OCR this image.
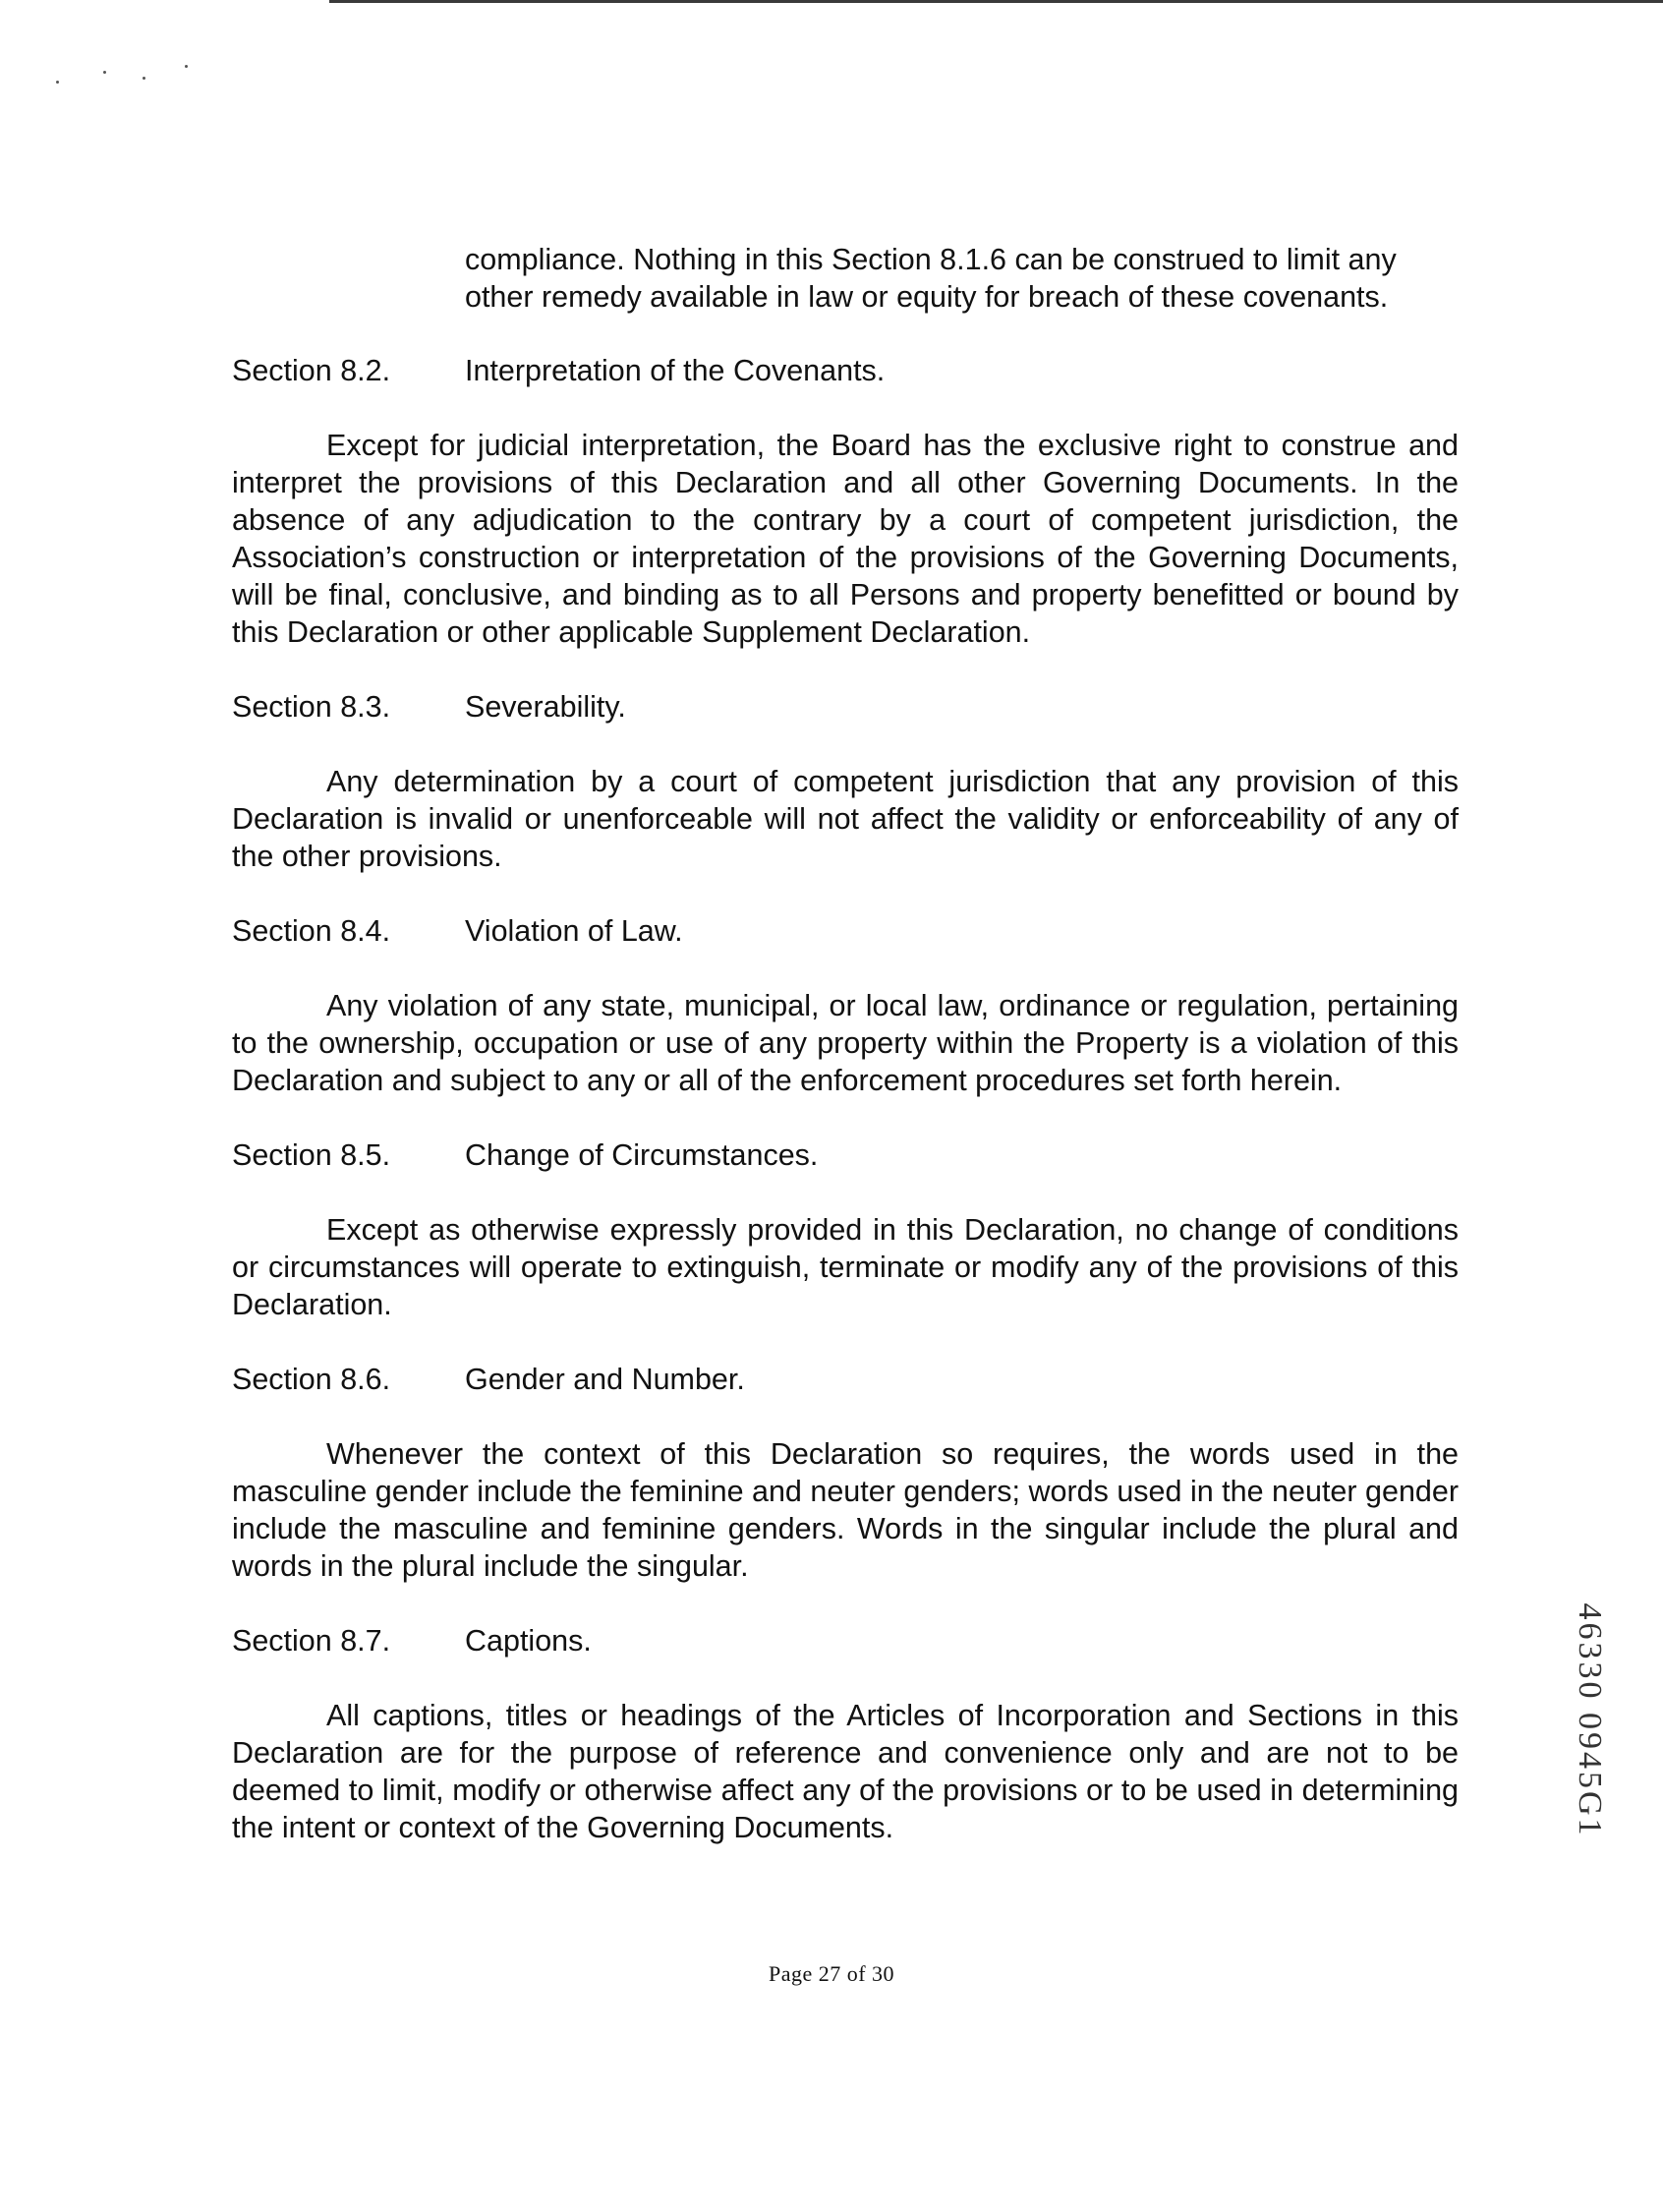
compliance. Nothing in this Section 8.1.6 can be construed to limit any other remedy available in law or equity for breach of these covenants.

Section 8.2. Interpretation of the Covenants.

Except for judicial interpretation, the Board has the exclusive right to construe and interpret the provisions of this Declaration and all other Governing Documents. In the absence of any adjudication to the contrary by a court of competent jurisdiction, the Association’s construction or interpretation of the provisions of the Governing Documents, will be final, conclusive, and binding as to all Persons and property benefitted or bound by this Declaration or other applicable Supplement Declaration.

Section 8.3. Severability.

Any determination by a court of competent jurisdiction that any provision of this Declaration is invalid or unenforceable will not affect the validity or enforceability of any of the other provisions.

Section 8.4. Violation of Law.

Any violation of any state, municipal, or local law, ordinance or regulation, pertaining to the ownership, occupation or use of any property within the Property is a violation of this Declaration and subject to any or all of the enforcement procedures set forth herein.

Section 8.5. Change of Circumstances.

Except as otherwise expressly provided in this Declaration, no change of conditions or circumstances will operate to extinguish, terminate or modify any of the provisions of this Declaration.

Section 8.6. Gender and Number.

Whenever the context of this Declaration so requires, the words used in the masculine gender include the feminine and neuter genders; words used in the neuter gender include the masculine and feminine genders. Words in the singular include the plural and words in the plural include the singular.

Section 8.7. Captions.

All captions, titles or headings of the Articles of Incorporation and Sections in this Declaration are for the purpose of reference and convenience only and are not to be deemed to limit, modify or otherwise affect any of the provisions or to be used in determining the intent or context of the Governing Documents.	46330 0945G1
Page 27 of 30
